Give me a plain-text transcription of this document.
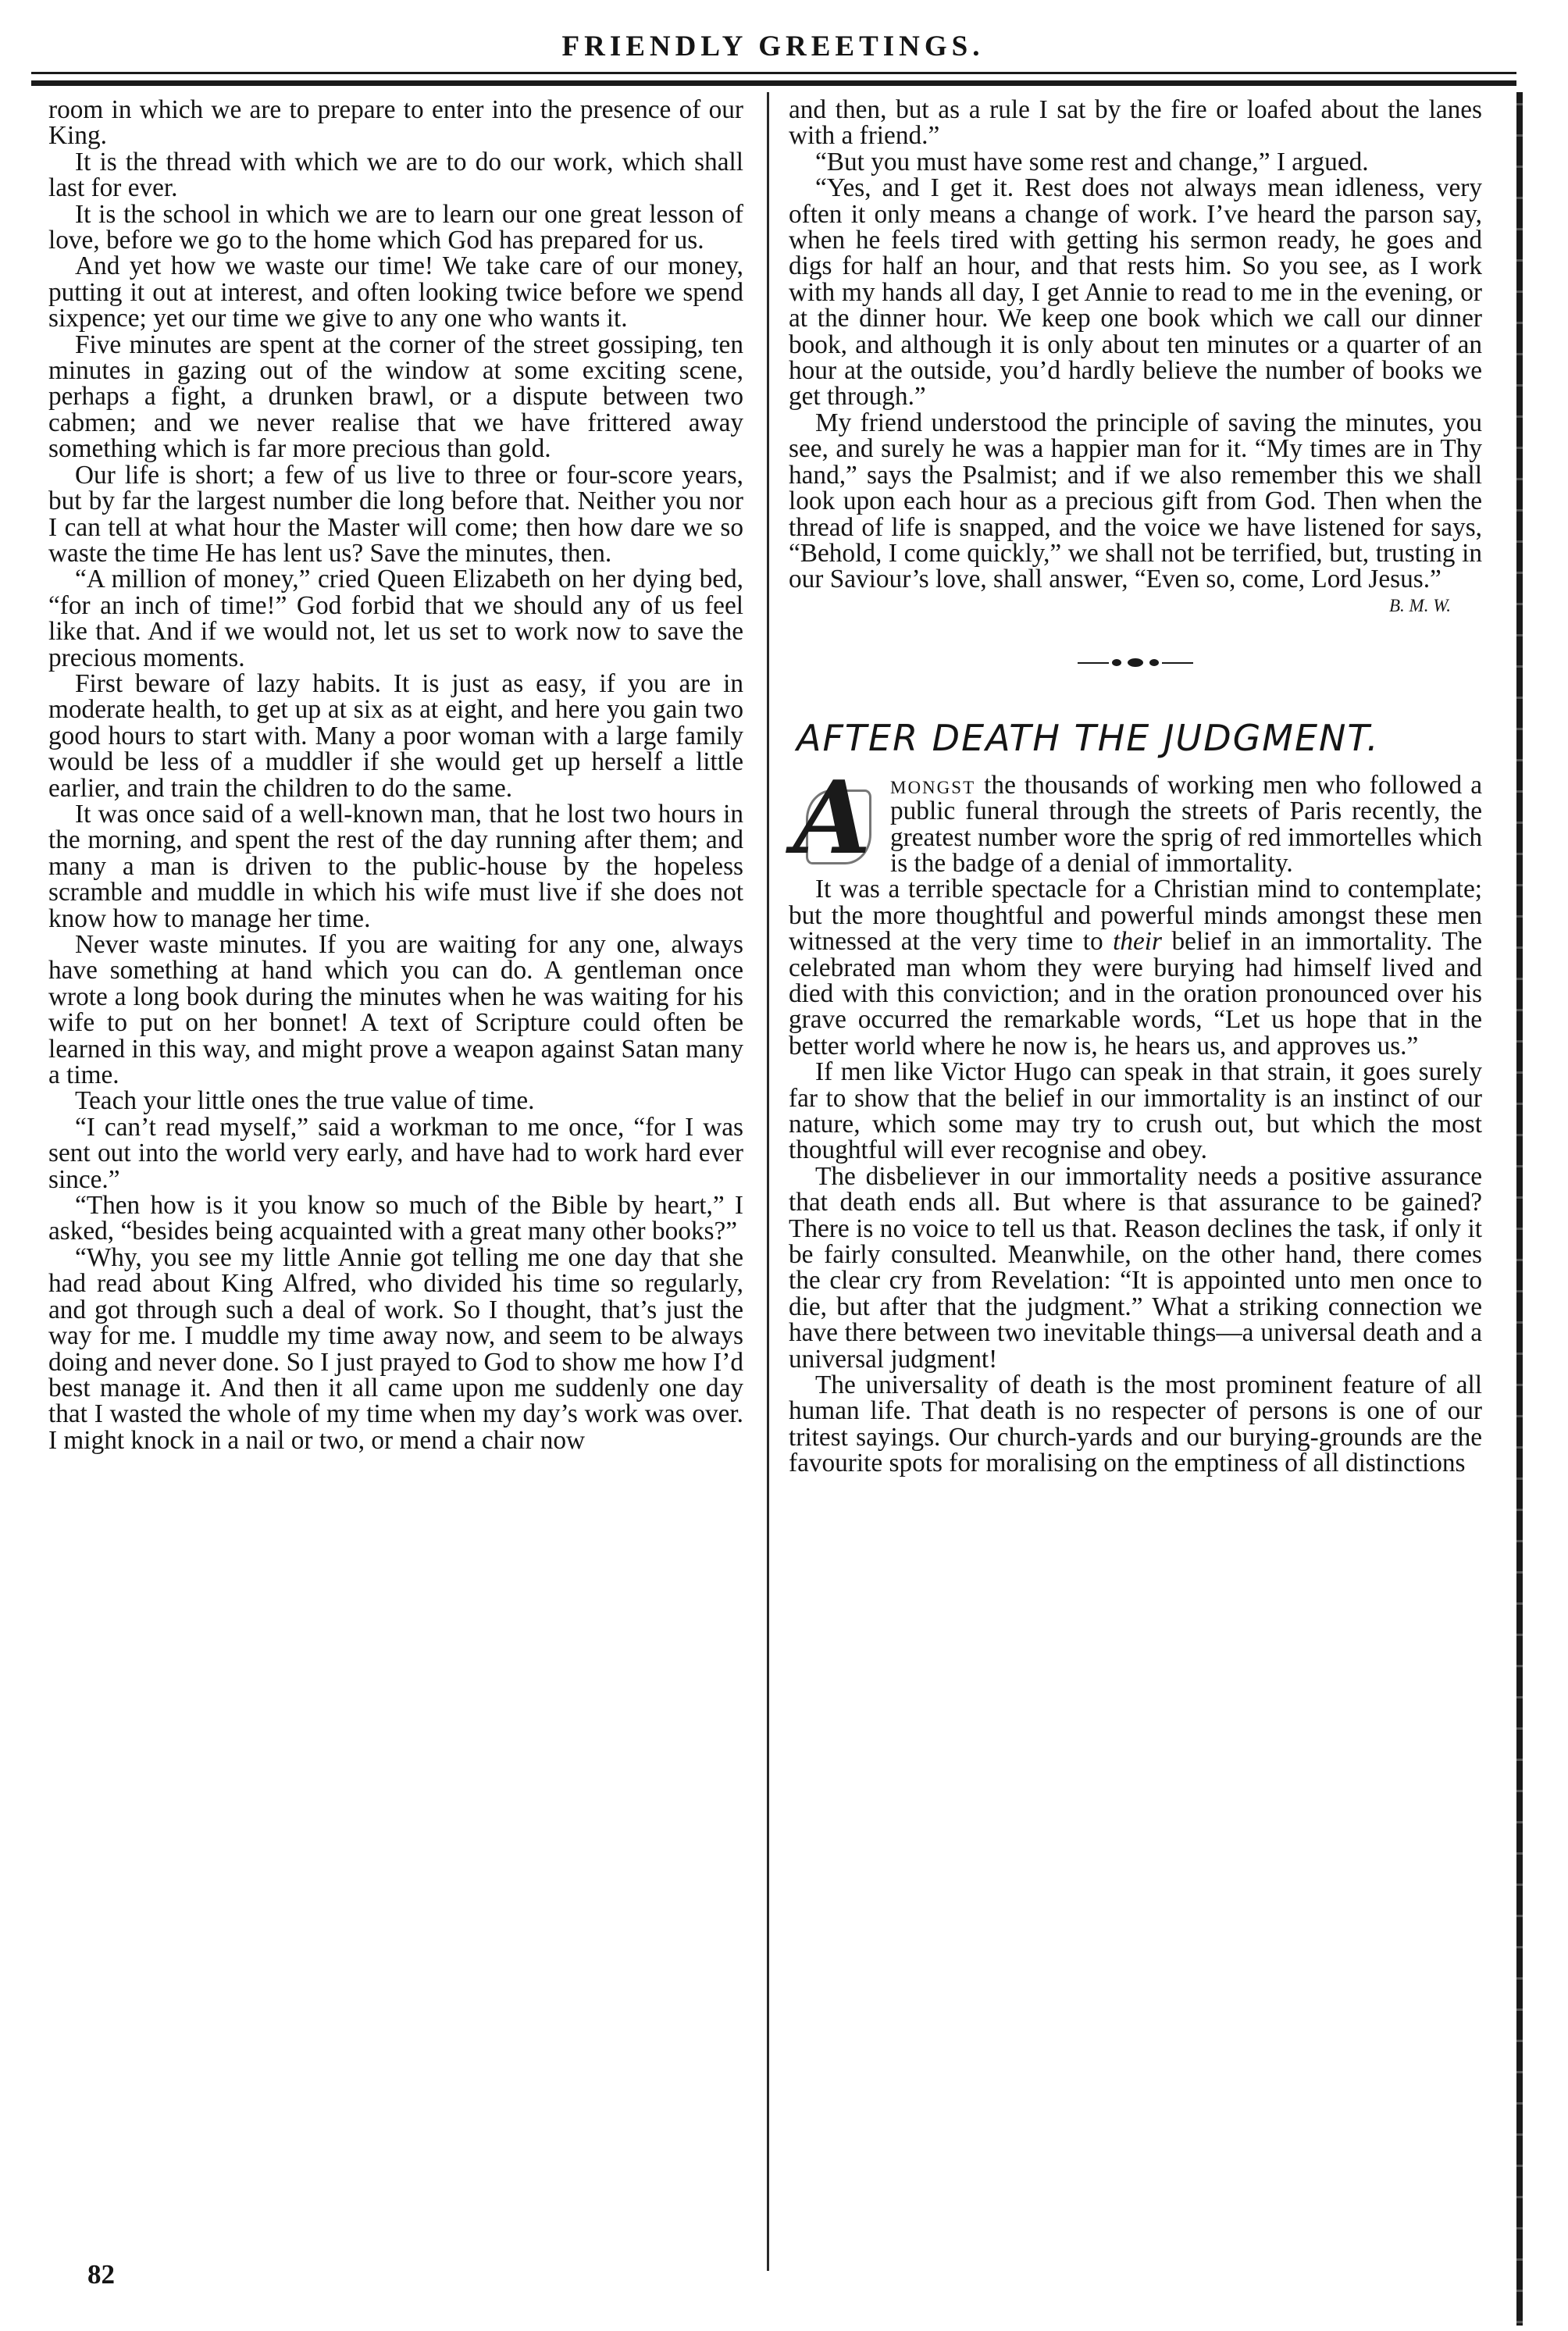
FRIENDLY GREETINGS.

room in which we are to prepare to enter into the presence of our King.

It is the thread with which we are to do our work, which shall last for ever.

It is the school in which we are to learn our one great lesson of love, before we go to the home which God has prepared for us.

And yet how we waste our time! We take care of our money, putting it out at interest, and often looking twice before we spend sixpence; yet our time we give to any one who wants it.

Five minutes are spent at the corner of the street gossiping, ten minutes in gazing out of the window at some exciting scene, perhaps a fight, a drunken brawl, or a dispute between two cabmen; and we never realise that we have frittered away something which is far more precious than gold.

Our life is short; a few of us live to three or four-score years, but by far the largest number die long before that. Neither you nor I can tell at what hour the Master will come; then how dare we so waste the time He has lent us? Save the minutes, then.

“A million of money,” cried Queen Elizabeth on her dying bed, “for an inch of time!” God forbid that we should any of us feel like that. And if we would not, let us set to work now to save the precious moments.

First beware of lazy habits. It is just as easy, if you are in moderate health, to get up at six as at eight, and here you gain two good hours to start with. Many a poor woman with a large family would be less of a muddler if she would get up herself a little earlier, and train the children to do the same.

It was once said of a well-known man, that he lost two hours in the morning, and spent the rest of the day running after them; and many a man is driven to the public-house by the hopeless scramble and muddle in which his wife must live if she does not know how to manage her time.

Never waste minutes. If you are waiting for any one, always have something at hand which you can do. A gentleman once wrote a long book during the minutes when he was waiting for his wife to put on her bonnet! A text of Scripture could often be learned in this way, and might prove a weapon against Satan many a time.

Teach your little ones the true value of time.

“I can’t read myself,” said a workman to me once, “for I was sent out into the world very early, and have had to work hard ever since.”

“Then how is it you know so much of the Bible by heart,” I asked, “besides being acquainted with a great many other books?”

“Why, you see my little Annie got telling me one day that she had read about King Alfred, who divided his time so regularly, and got through such a deal of work. So I thought, that’s just the way for me. I muddle my time away now, and seem to be always doing and never done. So I just prayed to God to show me how I’d best manage it. And then it all came upon me suddenly one day that I wasted the whole of my time when my day’s work was over. I might knock in a nail or two, or mend a chair now

and then, but as a rule I sat by the fire or loafed about the lanes with a friend.”

“But you must have some rest and change,” I argued.

“Yes, and I get it. Rest does not always mean idleness, very often it only means a change of work. I’ve heard the parson say, when he feels tired with getting his sermon ready, he goes and digs for half an hour, and that rests him. So you see, as I work with my hands all day, I get Annie to read to me in the evening, or at the dinner hour. We keep one book which we call our dinner book, and although it is only about ten minutes or a quarter of an hour at the outside, you’d hardly believe the number of books we get through.”

My friend understood the principle of saving the minutes, you see, and surely he was a happier man for it. “My times are in Thy hand,” says the Psalmist; and if we also remember this we shall look upon each hour as a precious gift from God. Then when the thread of life is snapped, and the voice we have listened for says, “Behold, I come quickly,” we shall not be terrified, but, trusting in our Saviour’s love, shall answer, “Even so, come, Lord Jesus.”

B. M. W.
AFTER DEATH THE JUDGMENT.
A mongst the thousands of working men who followed a public funeral through the streets of Paris recently, the greatest number wore the sprig of red immortelles which is the badge of a denial of immortality.

It was a terrible spectacle for a Christian mind to contemplate; but the more thoughtful and powerful minds amongst these men witnessed at the very time to their belief in an immortality. The celebrated man whom they were burying had himself lived and died with this conviction; and in the oration pronounced over his grave occurred the remarkable words, “Let us hope that in the better world where he now is, he hears us, and approves us.”

If men like Victor Hugo can speak in that strain, it goes surely far to show that the belief in our immortality is an instinct of our nature, which some may try to crush out, but which the most thoughtful will ever recognise and obey.

The disbeliever in our immortality needs a positive assurance that death ends all. But where is that assurance to be gained? There is no voice to tell us that. Reason declines the task, if only it be fairly consulted. Meanwhile, on the other hand, there comes the clear cry from Revelation: “It is appointed unto men once to die, but after that the judgment.” What a striking connection we have there between two inevitable things—a universal death and a universal judgment!

The universality of death is the most prominent feature of all human life. That death is no respecter of persons is one of our tritest sayings. Our church-yards and our burying-grounds are the favourite spots for moralising on the emptiness of all distinctions

82
